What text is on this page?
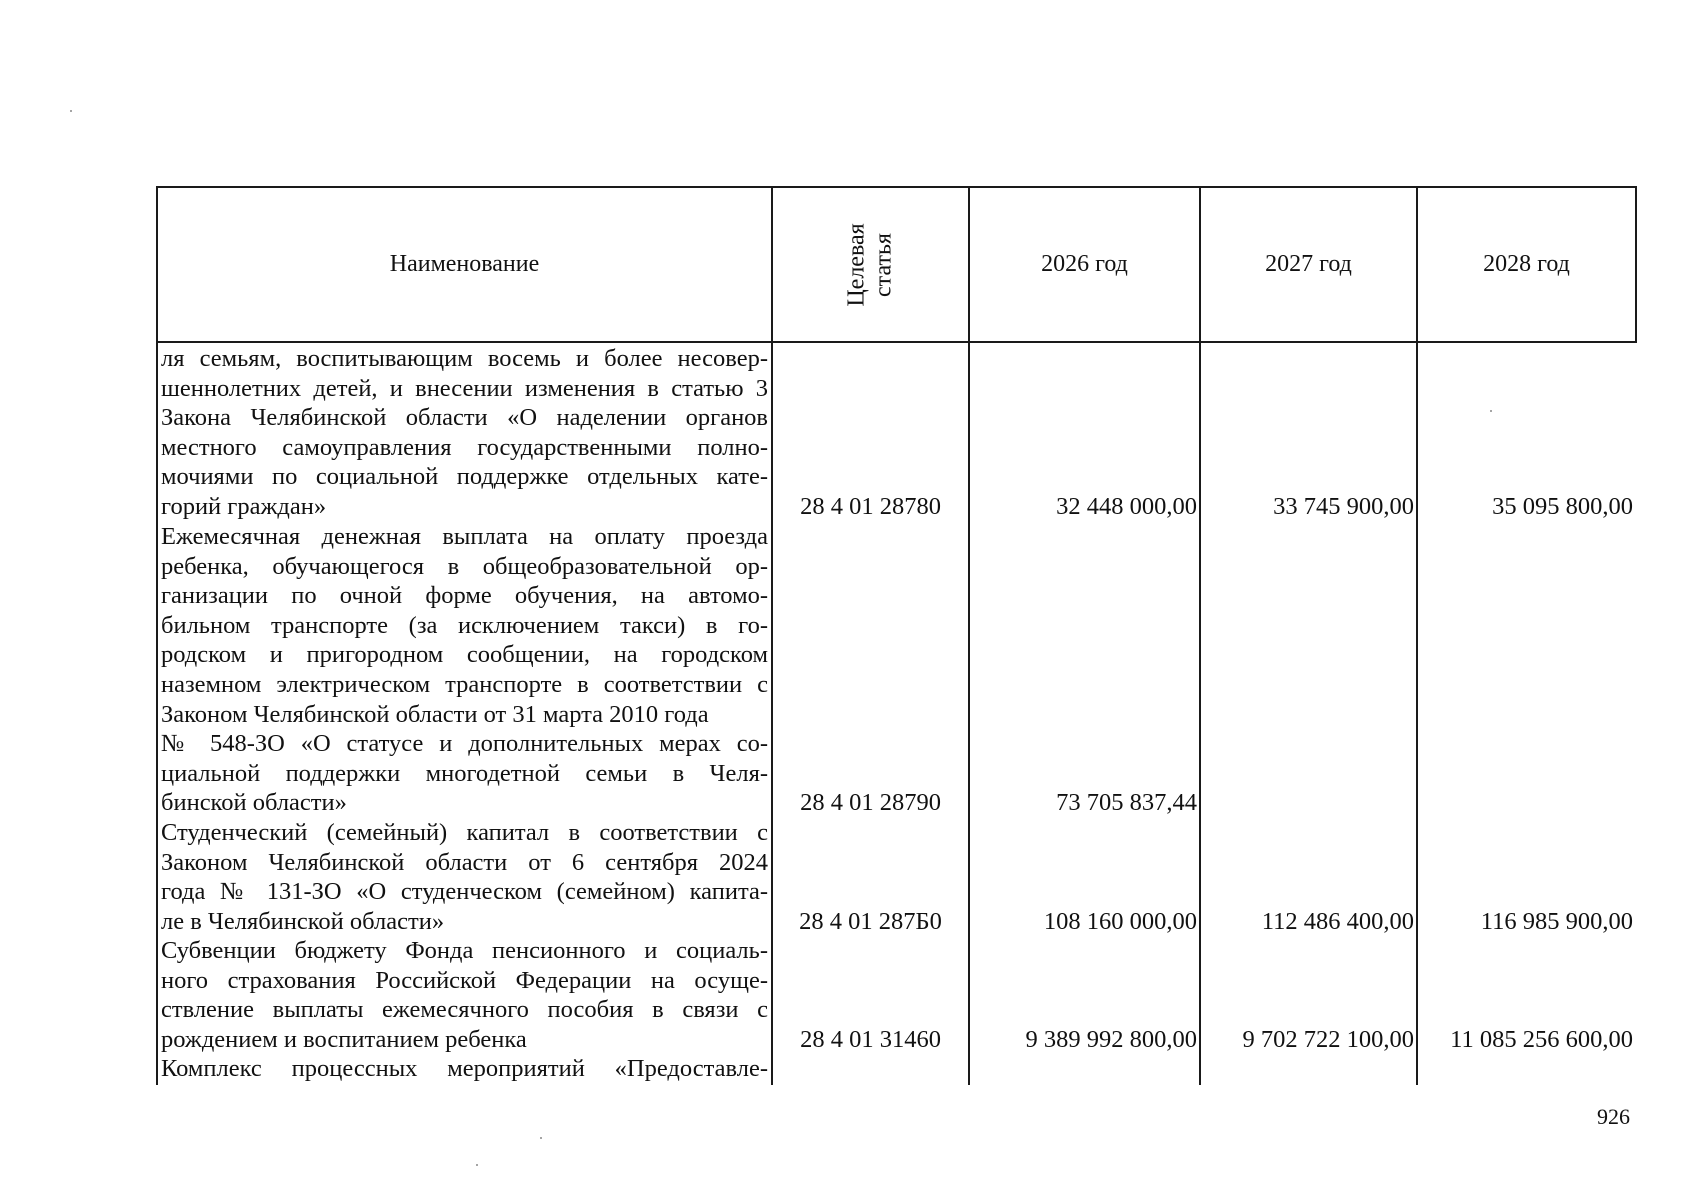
Наименование	Целевая статья	2026 год	2027 год	2028 год
ля семьям, воспитывающим восемь и более несовер-
шеннолетних детей, и внесении изменения в статью 3
Закона Челябинской области «О наделении органов
местного самоуправления государственными полно-
мочиями по социальной поддержке отдельных кате-
горий граждан»	28 4 01 28780	32 448 000,00	33 745 900,00	35 095 800,00
Ежемесячная денежная выплата на оплату проезда
ребенка, обучающегося в общеобразовательной ор-
ганизации по очной форме обучения, на автомо-
бильном транспорте (за исключением такси) в го-
родском и пригородном сообщении, на городском
наземном электрическом транспорте в соответствии с
Законом Челябинской области от 31 марта 2010 года
№ 548-ЗО «О статусе и дополнительных мерах со-
циальной поддержки многодетной семьи в Челя-
бинской области»	28 4 01 28790	73 705 837,44
Студенческий (семейный) капитал в соответствии с
Законом Челябинской области от 6 сентября 2024
года № 131-ЗО «О студенческом (семейном) капита-
ле в Челябинской области»	28 4 01 287Б0	108 160 000,00	112 486 400,00	116 985 900,00
Субвенции бюджету Фонда пенсионного и социаль-
ного страхования Российской Федерации на осуще-
ствление выплаты ежемесячного пособия в связи с
рождением и воспитанием ребенка	28 4 01 31460	9 389 992 800,00	9 702 722 100,00	11 085 256 600,00
Комплекс процессных мероприятий «Предоставле-
926
